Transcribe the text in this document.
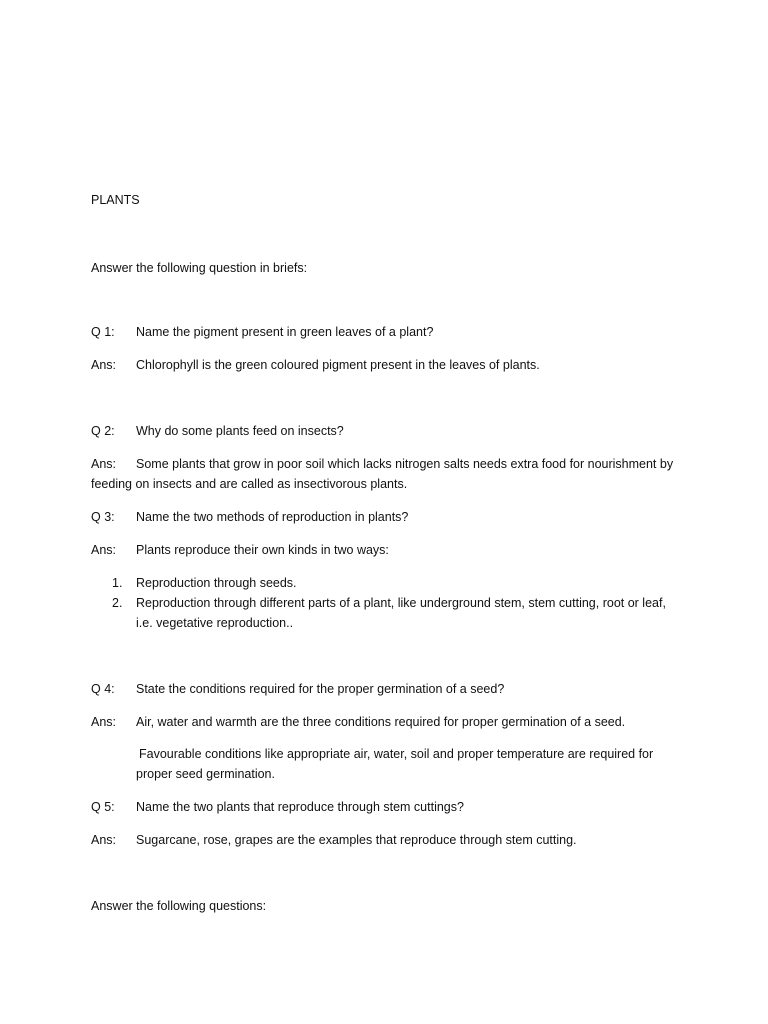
PLANTS
Answer the following question in briefs:
Q 1: Name the pigment present in green leaves of a plant?
Ans: Chlorophyll is the green coloured pigment present in the leaves of plants.
Q 2: Why do some plants feed on insects?
Ans:	Some plants that grow in poor soil which lacks nitrogen salts needs extra food for nourishment by feeding on insects and are called as insectivorous plants.
Q 3: Name the two methods of reproduction in plants?
Ans: Plants reproduce their own kinds in two ways:
1. Reproduction through seeds.
2. Reproduction through different parts of a plant, like underground stem, stem cutting, root or leaf, i.e. vegetative reproduction..
Q 4: State the conditions required for the proper germination of a seed?
Ans: Air, water and warmth are the three conditions required for proper germination of a seed.
Favourable conditions like appropriate air, water, soil and proper temperature are required for proper seed germination.
Q 5: Name the two plants that reproduce through stem cuttings?
Ans: Sugarcane, rose, grapes are the examples that reproduce through stem cutting.
Answer the following questions:
